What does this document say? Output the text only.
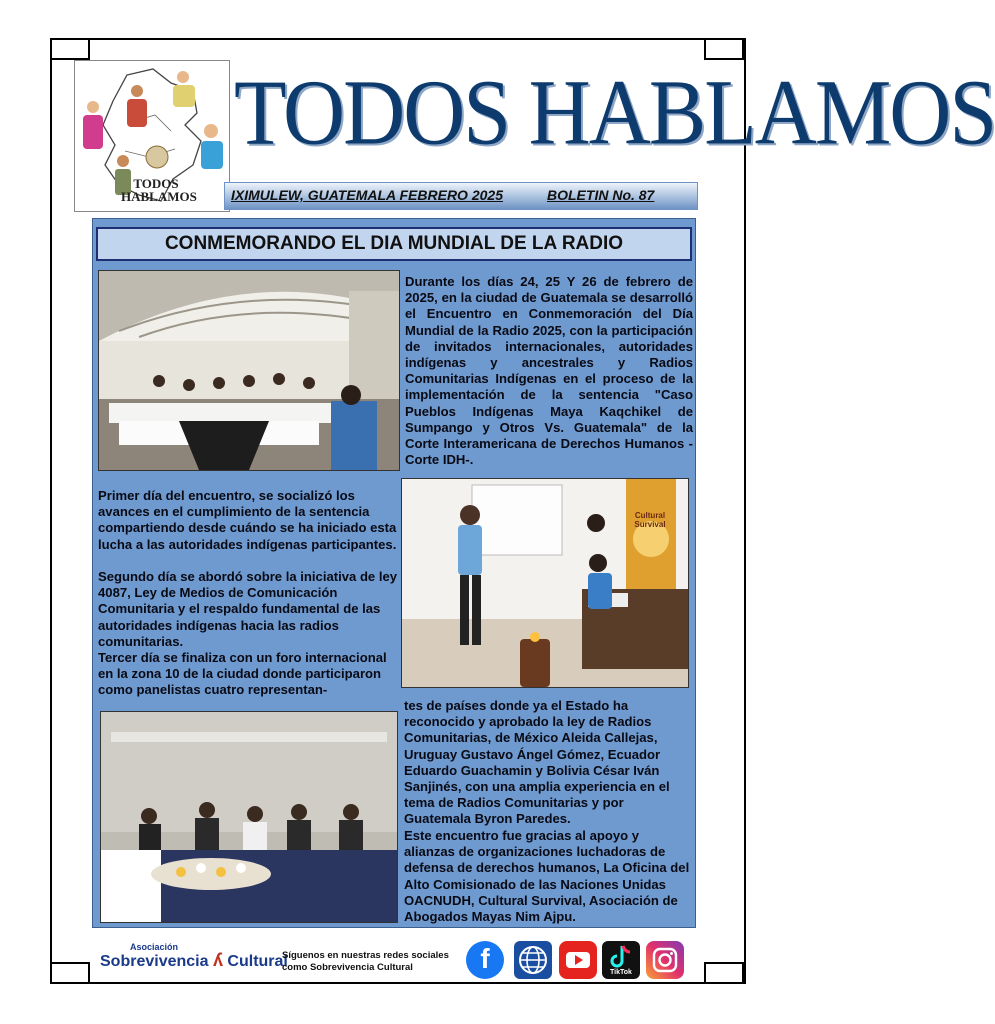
TODOS HABLAMOS
TODOS HABLAMOS
IXIMULEW, GUATEMALA FEBRERO 2025	BOLETIN No. 87
CONMEMORANDO EL DIA MUNDIAL DE LA RADIO
Cultural Survival

Durante los días 24, 25 Y 26 de febrero de 2025, en la ciudad de Guatemala se desarrolló el Encuentro en Conmemoración del Día Mundial de la Radio 2025, con la participación de invitados internacionales, autoridades indígenas y ancestrales y Radios Comunitarias Indígenas en el proceso de la implementación de la sentencia "Caso Pueblos Indígenas Maya Kaqchikel de Sumpango y Otros Vs. Guatemala" de la Corte Interamericana de Derechos Humanos -Corte IDH-.

Primer día del encuentro, se socializó los avances en el cumplimiento de la sentencia compartiendo desde cuándo se ha iniciado esta lucha a las autoridades indígenas participantes.

Segundo día se abordó sobre la iniciativa de ley 4087, Ley de Medios de Comunicación Comunitaria y el respaldo fundamental de las autoridades indígenas hacia las radios comunitarias.

Tercer día se finaliza con un foro internacional en la zona 10 de la ciudad donde participaron como panelistas cuatro representan-

tes de países donde ya el Estado ha reconocido y aprobado la ley de Radios Comunitarias, de México Aleida Callejas, Uruguay Gustavo Ángel Gómez, Ecuador Eduardo Guachamin y Bolivia César Iván Sanjinés, con una amplia experiencia en el tema de Radios Comunitarias y por Guatemala Byron Paredes.

Este encuentro fue gracias al apoyo y alianzas de organizaciones luchadoras de defensa de derechos humanos, La Oficina del Alto Comisionado de las Naciones Unidas OACNUDH, Cultural Survival, Asociación de Abogados Mayas Nim Ajpu.

Asociación
Sobrevivencia ʎ Cultural
Síguenos en nuestras redes sociales
como Sobrevivencia Cultural	f	TikTok
